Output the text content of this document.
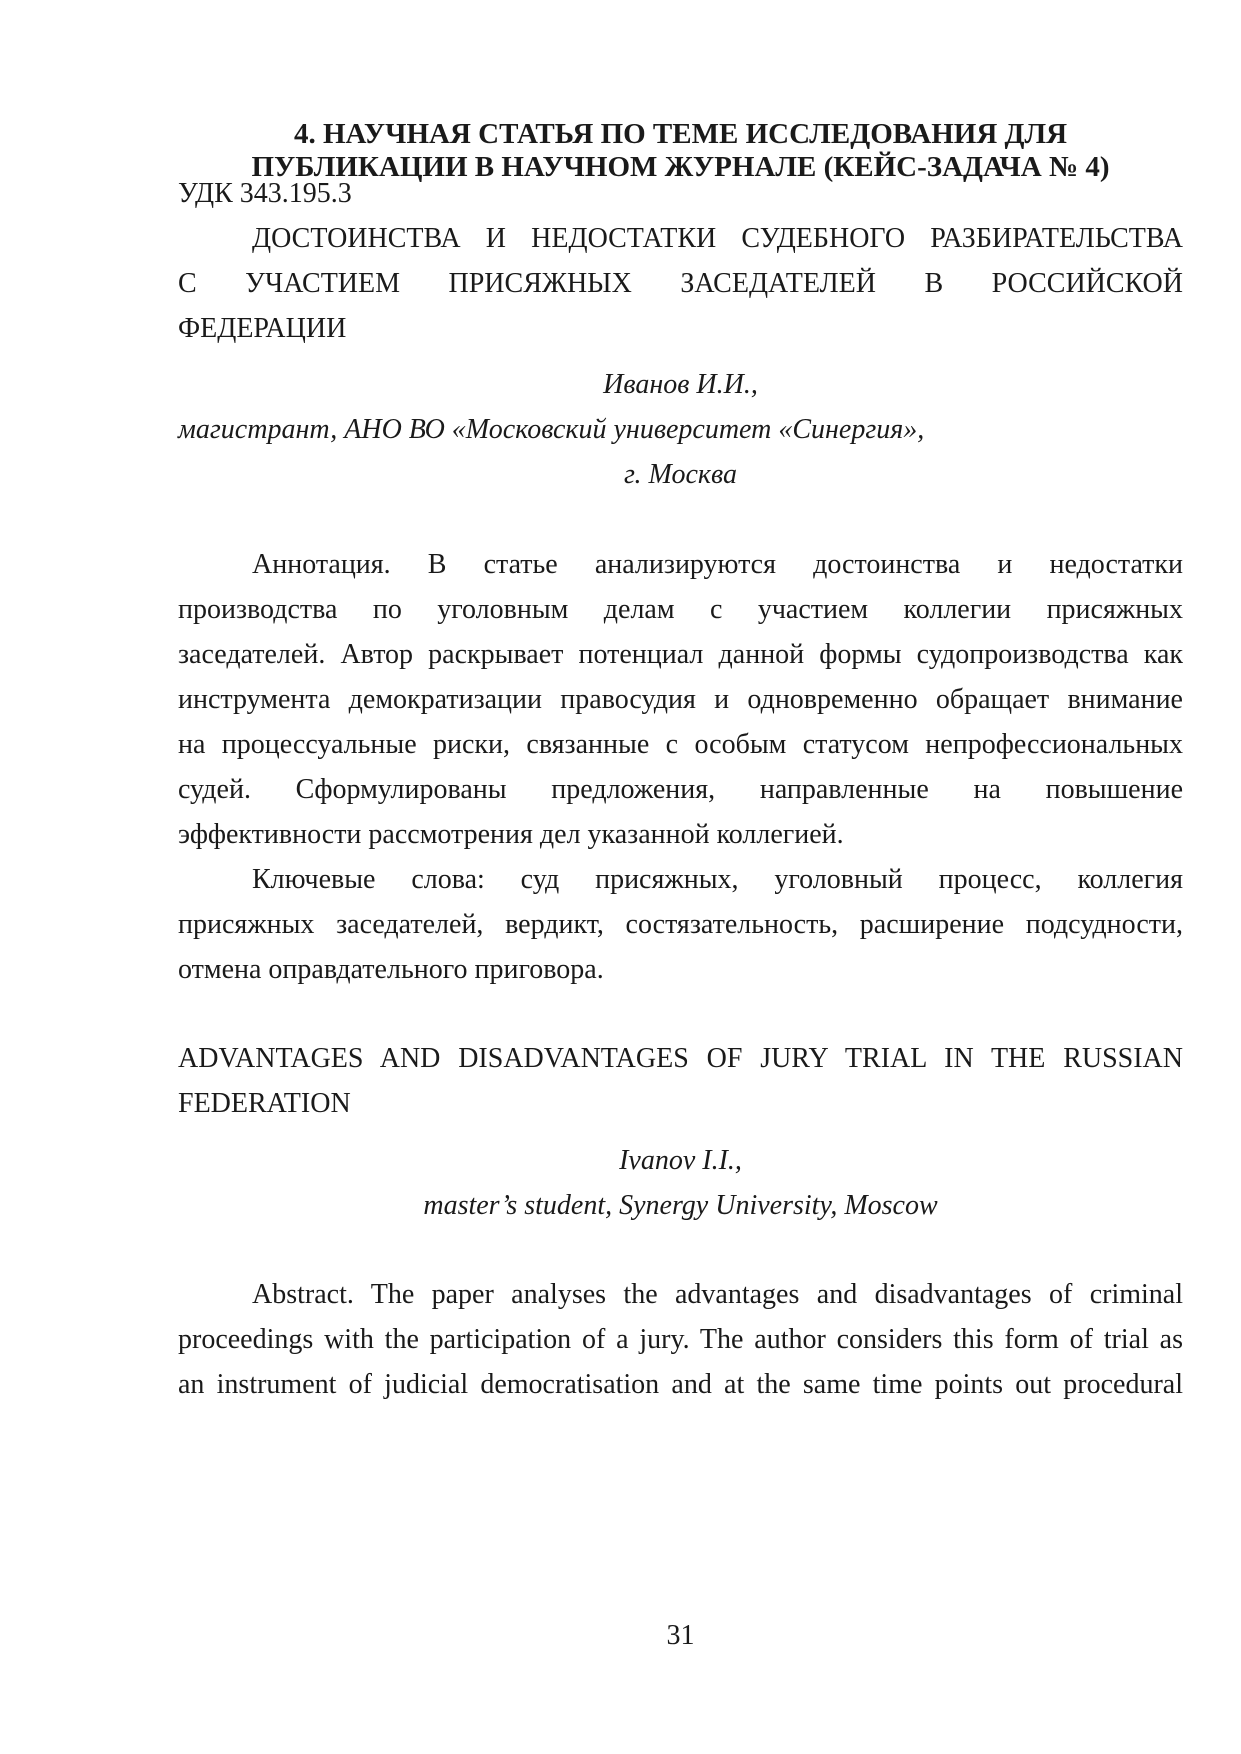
4. НАУЧНАЯ СТАТЬЯ ПО ТЕМЕ ИССЛЕДОВАНИЯ ДЛЯ
ПУБЛИКАЦИИ В НАУЧНОМ ЖУРНАЛЕ (КЕЙС-ЗАДАЧА № 4)
УДК 343.195.3
ДОСТОИНСТВА И НЕДОСТАТКИ СУДЕБНОГО РАЗБИРАТЕЛЬСТВА
С УЧАСТИЕМ ПРИСЯЖНЫХ ЗАСЕДАТЕЛЕЙ В РОССИЙСКОЙ
ФЕДЕРАЦИИ
Иванов И.И.,
магистрант, АНО ВО «Московский университет «Синергия»,
г. Москва
Аннотация. В статье анализируются достоинства и недостатки
производства по уголовным делам с участием коллегии присяжных
заседателей. Автор раскрывает потенциал данной формы судопроизводства как
инструмента демократизации правосудия и одновременно обращает внимание
на процессуальные риски, связанные с особым статусом непрофессиональных
судей. Сформулированы предложения, направленные на повышение
эффективности рассмотрения дел указанной коллегией.
Ключевые слова: суд присяжных, уголовный процесс, коллегия
присяжных заседателей, вердикт, состязательность, расширение подсудности,
отмена оправдательного приговора.
ADVANTAGES AND DISADVANTAGES OF JURY TRIAL IN THE RUSSIAN
FEDERATION
Ivanov I.I.,
master’s student, Synergy University, Moscow
Abstract. The paper analyses the advantages and disadvantages of criminal
proceedings with the participation of a jury. The author considers this form of trial as
an instrument of judicial democratisation and at the same time points out procedural
31
